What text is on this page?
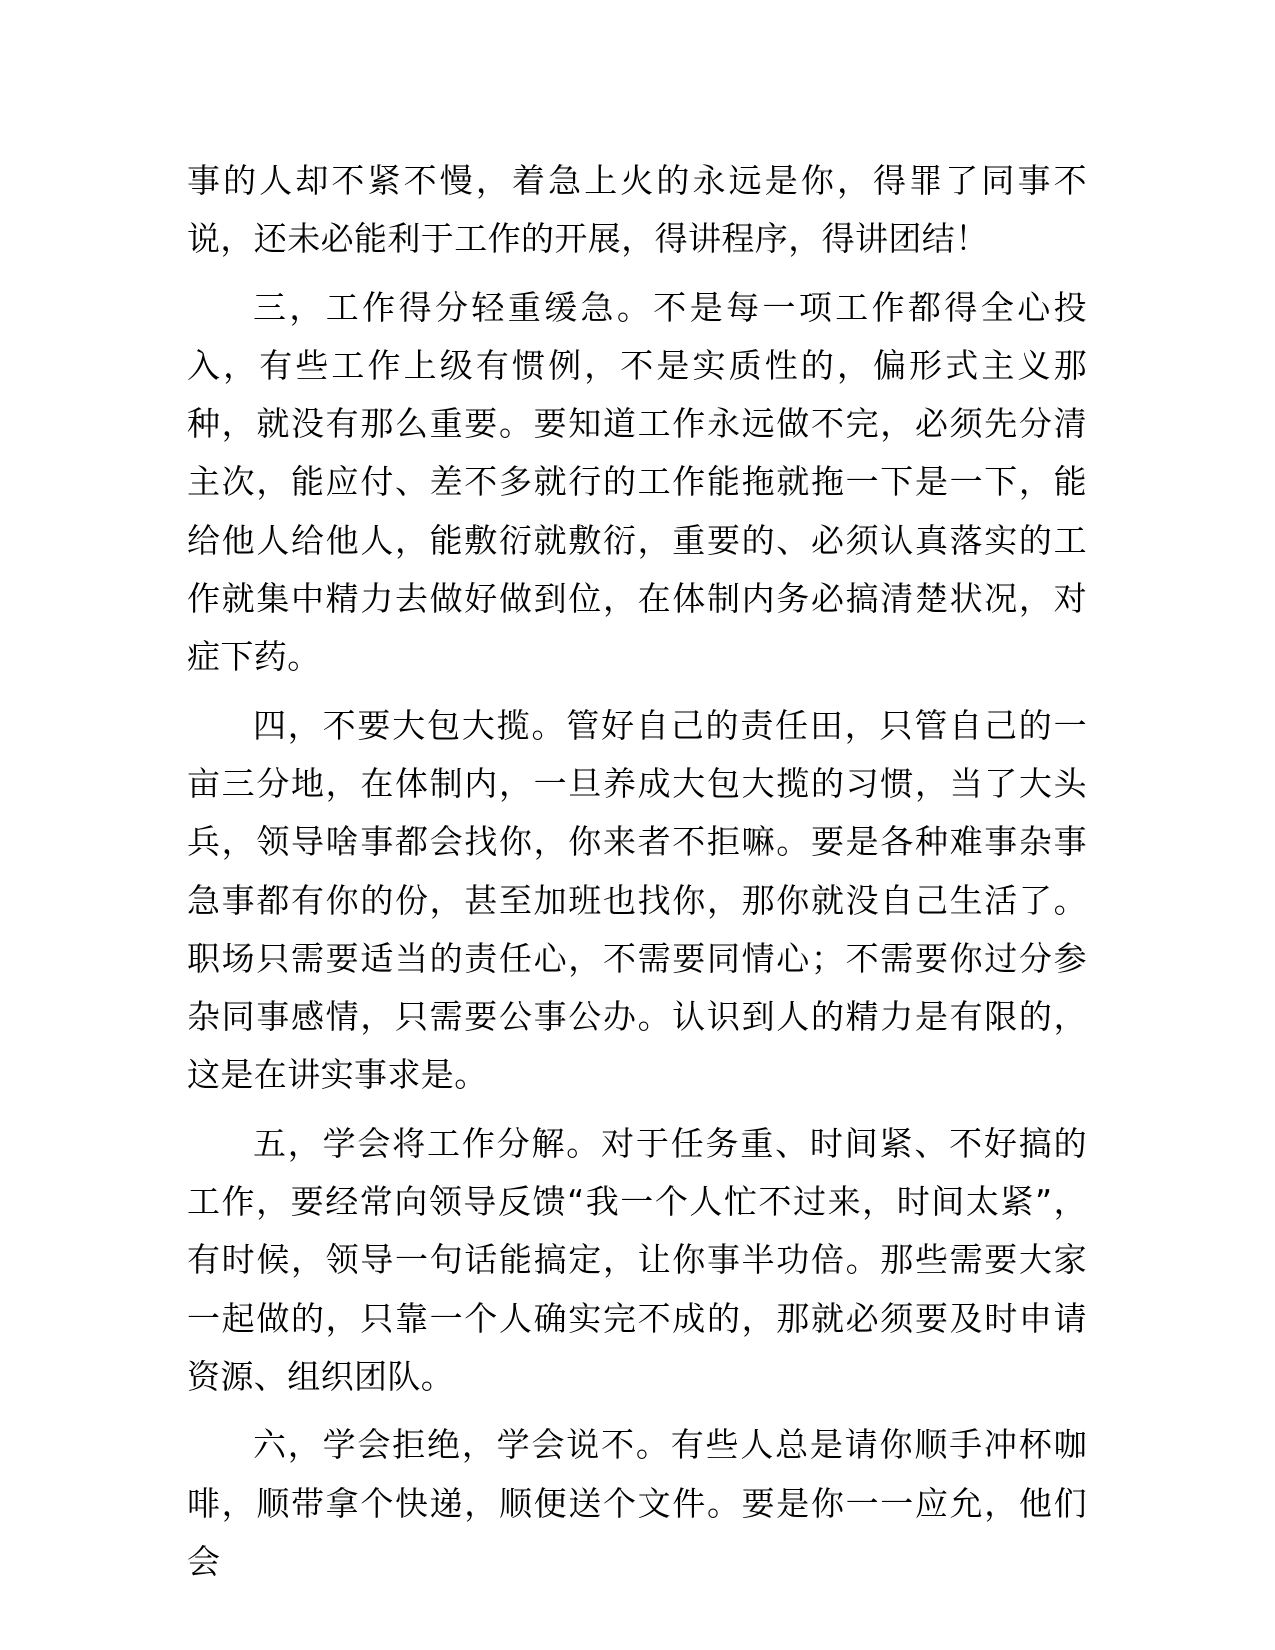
事的人却不紧不慢，着急上火的永远是你，得罪了同事不说，还未必能利于工作的开展，得讲程序，得讲团结！

三，工作得分轻重缓急。不是每一项工作都得全心投入，有些工作上级有惯例，不是实质性的，偏形式主义那种，就没有那么重要。要知道工作永远做不完，必须先分清主次，能应付、差不多就行的工作能拖就拖一下是一下，能给他人给他人，能敷衍就敷衍，重要的、必须认真落实的工作就集中精力去做好做到位，在体制内务必搞清楚状况，对症下药。

四，不要大包大揽。管好自己的责任田，只管自己的一亩三分地，在体制内，一旦养成大包大揽的习惯，当了大头兵，领导啥事都会找你，你来者不拒嘛。要是各种难事杂事急事都有你的份，甚至加班也找你，那你就没自己生活了。职场只需要适当的责任心，不需要同情心；不需要你过分参杂同事感情，只需要公事公办。认识到人的精力是有限的，这是在讲实事求是。

五，学会将工作分解。对于任务重、时间紧、不好搞的工作，要经常向领导反馈“我一个人忙不过来，时间太紧”，有时候，领导一句话能搞定，让你事半功倍。那些需要大家一起做的，只靠一个人确实完不成的，那就必须要及时申请资源、组织团队。

六，学会拒绝，学会说不。有些人总是请你顺手冲杯咖啡，顺带拿个快递，顺便送个文件。要是你一一应允，他们会
